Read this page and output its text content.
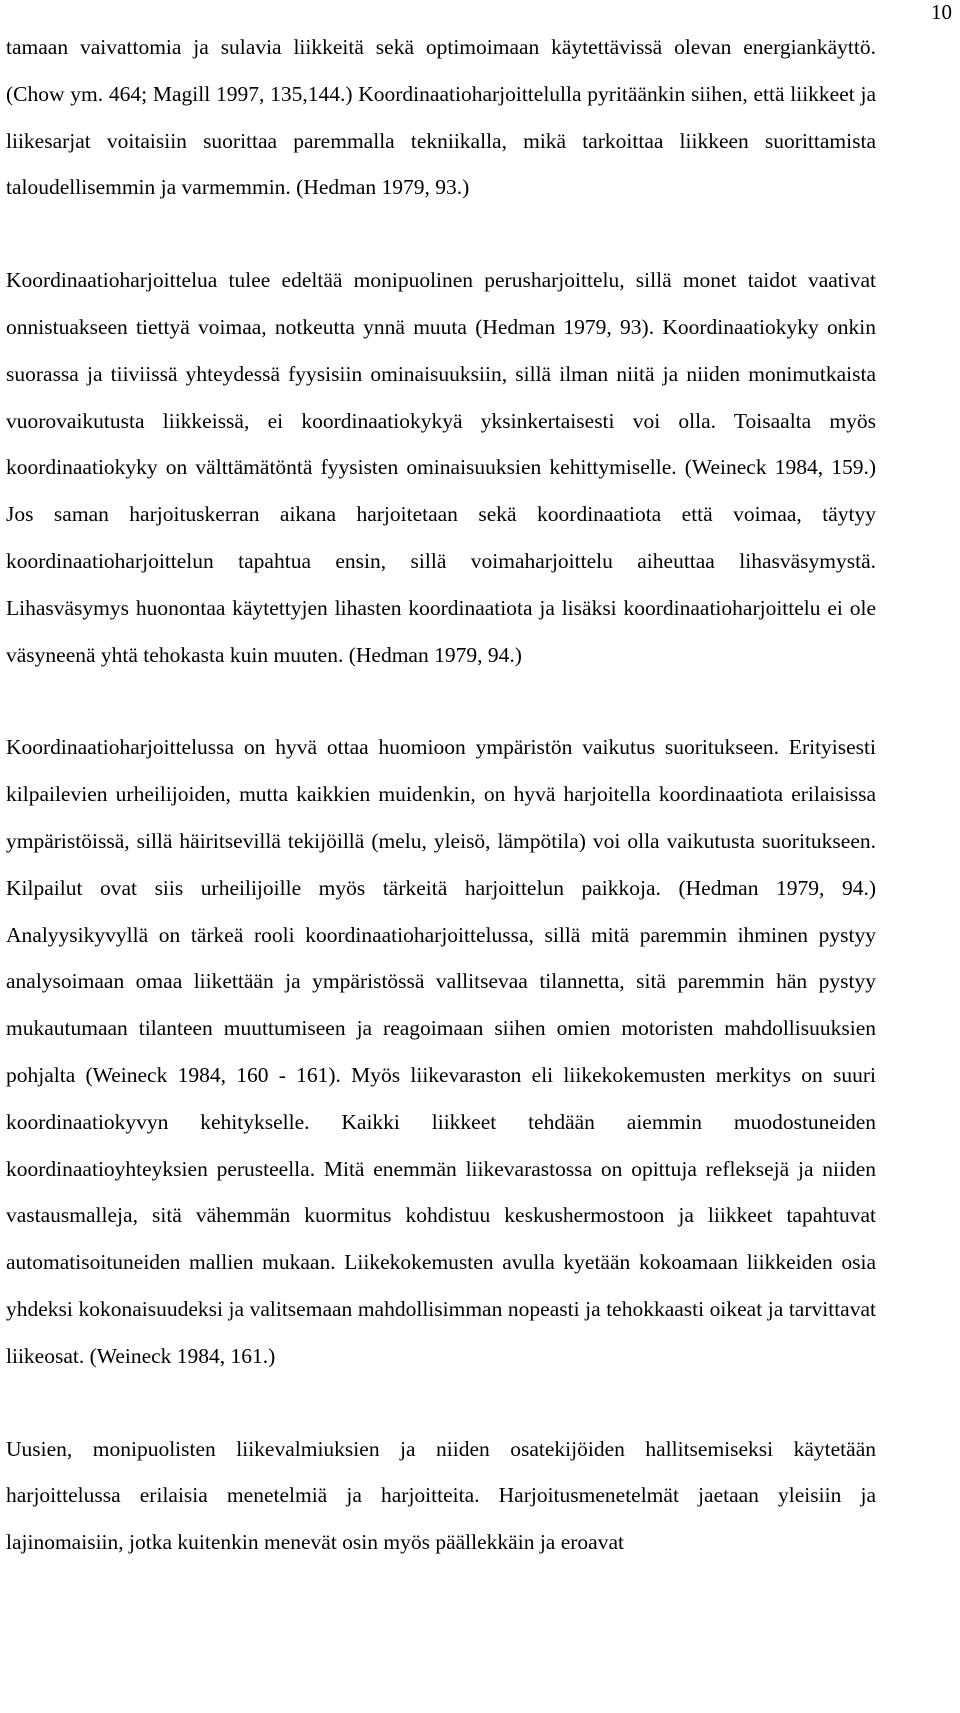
10

tamaan vaivattomia ja sulavia liikkeitä sekä optimoimaan käytettävissä olevan energiankäyttö. (Chow ym. 464; Magill 1997, 135,144.) Koordinaatioharjoittelulla pyritäänkin siihen, että liikkeet ja liikesarjat voitaisiin suorittaa paremmalla tekniikalla, mikä tarkoittaa liikkeen suorittamista taloudellisemmin ja varmemmin. (Hedman 1979, 93.)

Koordinaatioharjoittelua tulee edeltää monipuolinen perusharjoittelu, sillä monet taidot vaativat onnistuakseen tiettyä voimaa, notkeutta ynnä muuta (Hedman 1979, 93). Koordinaatiokyky onkin suorassa ja tiiviissä yhteydessä fyysisiin ominaisuuksiin, sillä ilman niitä ja niiden monimutkaista vuorovaikutusta liikkeissä, ei koordinaatiokykyä yksinkertaisesti voi olla. Toisaalta myös koordinaatiokyky on välttämätöntä fyysisten ominaisuuksien kehittymiselle. (Weineck 1984, 159.) Jos saman harjoituskerran aikana harjoitetaan sekä koordinaatiota että voimaa, täytyy koordinaatioharjoittelun tapahtua ensin, sillä voimaharjoittelu aiheuttaa lihasväsymystä. Lihasväsymys huonontaa käytettyjen lihasten koordinaatiota ja lisäksi koordinaatioharjoittelu ei ole väsyneenä yhtä tehokasta kuin muuten. (Hedman 1979, 94.)

Koordinaatioharjoittelussa on hyvä ottaa huomioon ympäristön vaikutus suoritukseen. Erityisesti kilpailevien urheilijoiden, mutta kaikkien muidenkin, on hyvä harjoitella koordinaatiota erilaisissa ympäristöissä, sillä häiritsevillä tekijöillä (melu, yleisö, lämpötila) voi olla vaikutusta suoritukseen. Kilpailut ovat siis urheilijoille myös tärkeitä harjoittelun paikkoja. (Hedman 1979, 94.) Analyysikyvyllä on tärkeä rooli koordinaatioharjoittelussa, sillä mitä paremmin ihminen pystyy analysoimaan omaa liikettään ja ympäristössä vallitsevaa tilannetta, sitä paremmin hän pystyy mukautumaan tilanteen muuttumiseen ja reagoimaan siihen omien motoristen mahdollisuuksien pohjalta (Weineck 1984, 160 - 161). Myös liikevaraston eli liikekokemusten merkitys on suuri koordinaatiokyvyn kehitykselle. Kaikki liikkeet tehdään aiemmin muodostuneiden koordinaatioyhteyksien perusteella. Mitä enemmän liikevarastossa on opittuja refleksejä ja niiden vastausmalleja, sitä vähemmän kuormitus kohdistuu keskushermostoon ja liikkeet tapahtuvat automatisoituneiden mallien mukaan. Liikekokemusten avulla kyetään kokoamaan liikkeiden osia yhdeksi kokonaisuudeksi ja valitsemaan mahdollisimman nopeasti ja tehokkaasti oikeat ja tarvittavat liikeosat. (Weineck 1984, 161.)

Uusien, monipuolisten liikevalmiuksien ja niiden osatekijöiden hallitsemiseksi käytetään harjoittelussa erilaisia menetelmiä ja harjoitteita. Harjoitusmenetelmät jaetaan yleisiin ja lajinomaisiin, jotka kuitenkin menevät osin myös päällekkäin ja eroavat
